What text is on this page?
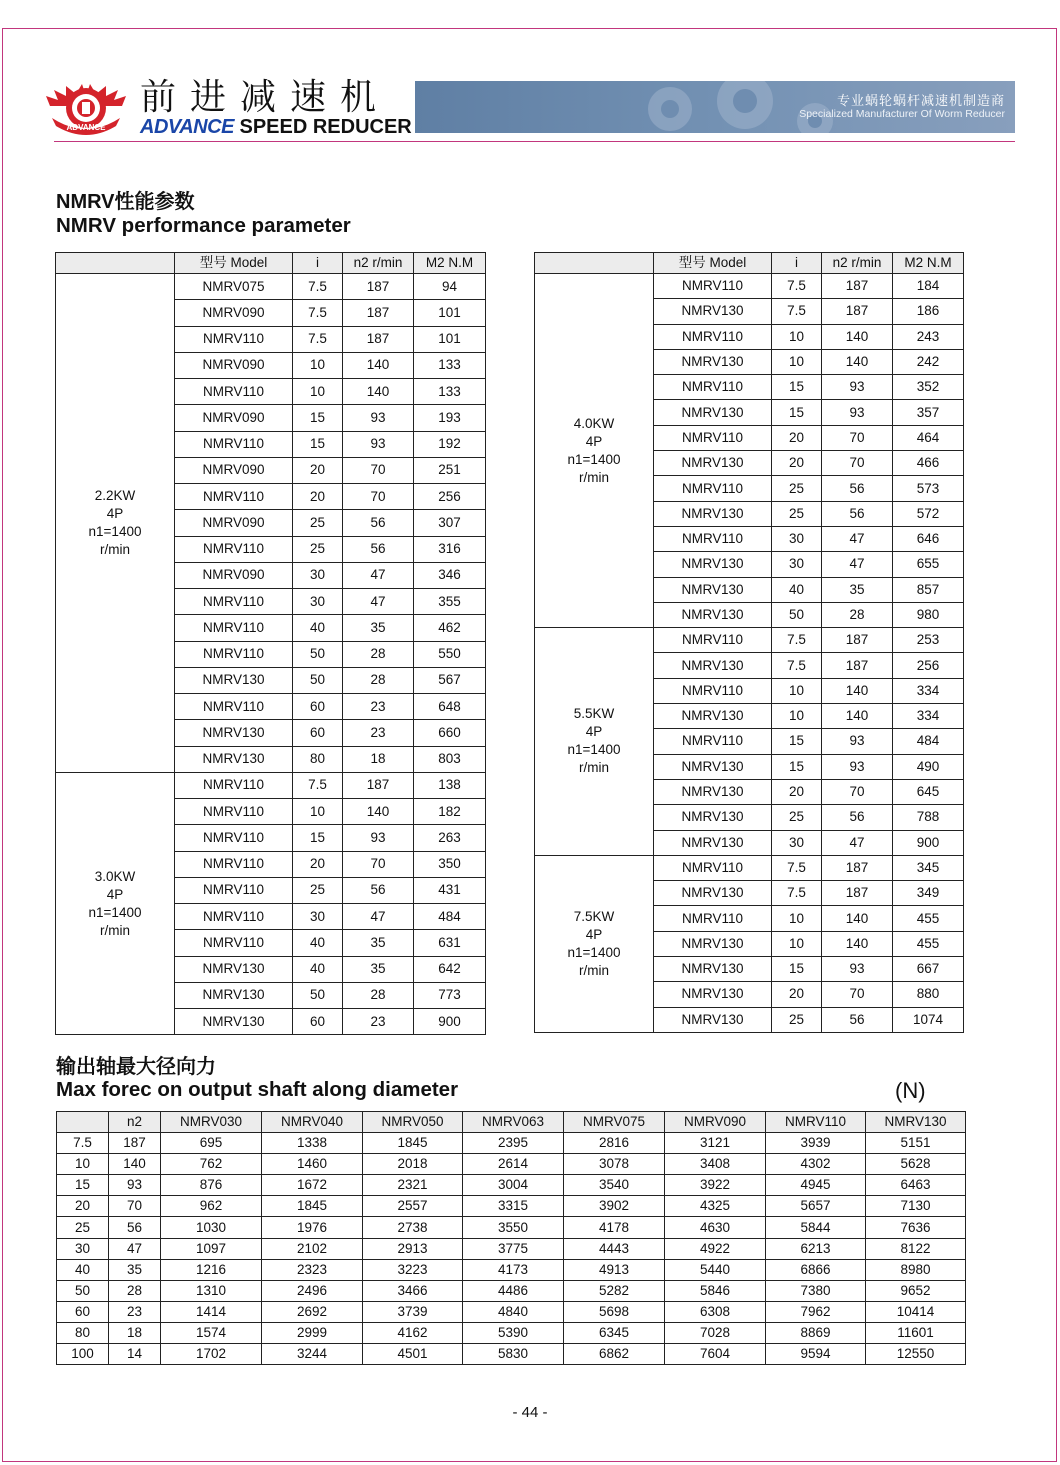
ADVANCE
前进减速机
ADVANCE SPEED REDUCER
专业蜗轮蜗杆减速机制造商
Specialized Manufacturer Of Worm Reducer
NMRV性能参数
NMRV performance parameter
	型号 Model	i	n2 r/min	M2 N.M

2.2KW
4P
n1=1400
r/min	NMRV075	7.5	187	94
	NMRV090	7.5	187	101
	NMRV110	7.5	187	101
	NMRV090	10	140	133
	NMRV110	10	140	133
	NMRV090	15	93	193
	NMRV110	15	93	192
	NMRV090	20	70	251
	NMRV110	20	70	256
	NMRV090	25	56	307
	NMRV110	25	56	316
	NMRV090	30	47	346
	NMRV110	30	47	355
	NMRV110	40	35	462
	NMRV110	50	28	550
	NMRV130	50	28	567
	NMRV110	60	23	648
	NMRV130	60	23	660
	NMRV130	80	18	803

3.0KW
4P
n1=1400
r/min	NMRV110	7.5	187	138
	NMRV110	10	140	182
	NMRV110	15	93	263
	NMRV110	20	70	350
	NMRV110	25	56	431
	NMRV110	30	47	484
	NMRV110	40	35	631
	NMRV130	40	35	642
	NMRV130	50	28	773
	NMRV130	60	23	900
	型号 Model	i	n2 r/min	M2 N.M

4.0KW
4P
n1=1400
r/min	NMRV110	7.5	187	184
	NMRV130	7.5	187	186
	NMRV110	10	140	243
	NMRV130	10	140	242
	NMRV110	15	93	352
	NMRV130	15	93	357
	NMRV110	20	70	464
	NMRV130	20	70	466
	NMRV110	25	56	573
	NMRV130	25	56	572
	NMRV110	30	47	646
	NMRV130	30	47	655
	NMRV130	40	35	857
	NMRV130	50	28	980

5.5KW
4P
n1=1400
r/min	NMRV110	7.5	187	253
	NMRV130	7.5	187	256
	NMRV110	10	140	334
	NMRV130	10	140	334
	NMRV110	15	93	484
	NMRV130	15	93	490
	NMRV130	20	70	645
	NMRV130	25	56	788
	NMRV130	30	47	900

7.5KW
4P
n1=1400
r/min	NMRV110	7.5	187	345
	NMRV130	7.5	187	349
	NMRV110	10	140	455
	NMRV130	10	140	455
	NMRV130	15	93	667
	NMRV130	20	70	880
	NMRV130	25	56	1074
输出轴最大径向力
Max forec on output shaft along diameter	(N)
	n2	NMRV030	NMRV040	NMRV050	NMRV063	NMRV075	NMRV090	NMRV110	NMRV130
7.5	187	695	1338	1845	2395	2816	3121	3939	5151
10	140	762	1460	2018	2614	3078	3408	4302	5628
15	93	876	1672	2321	3004	3540	3922	4945	6463
20	70	962	1845	2557	3315	3902	4325	5657	7130
25	56	1030	1976	2738	3550	4178	4630	5844	7636
30	47	1097	2102	2913	3775	4443	4922	6213	8122
40	35	1216	2323	3223	4173	4913	5440	6866	8980
50	28	1310	2496	3466	4486	5282	5846	7380	9652
60	23	1414	2692	3739	4840	5698	6308	7962	10414
80	18	1574	2999	4162	5390	6345	7028	8869	11601
100	14	1702	3244	4501	5830	6862	7604	9594	12550
- 44 -
